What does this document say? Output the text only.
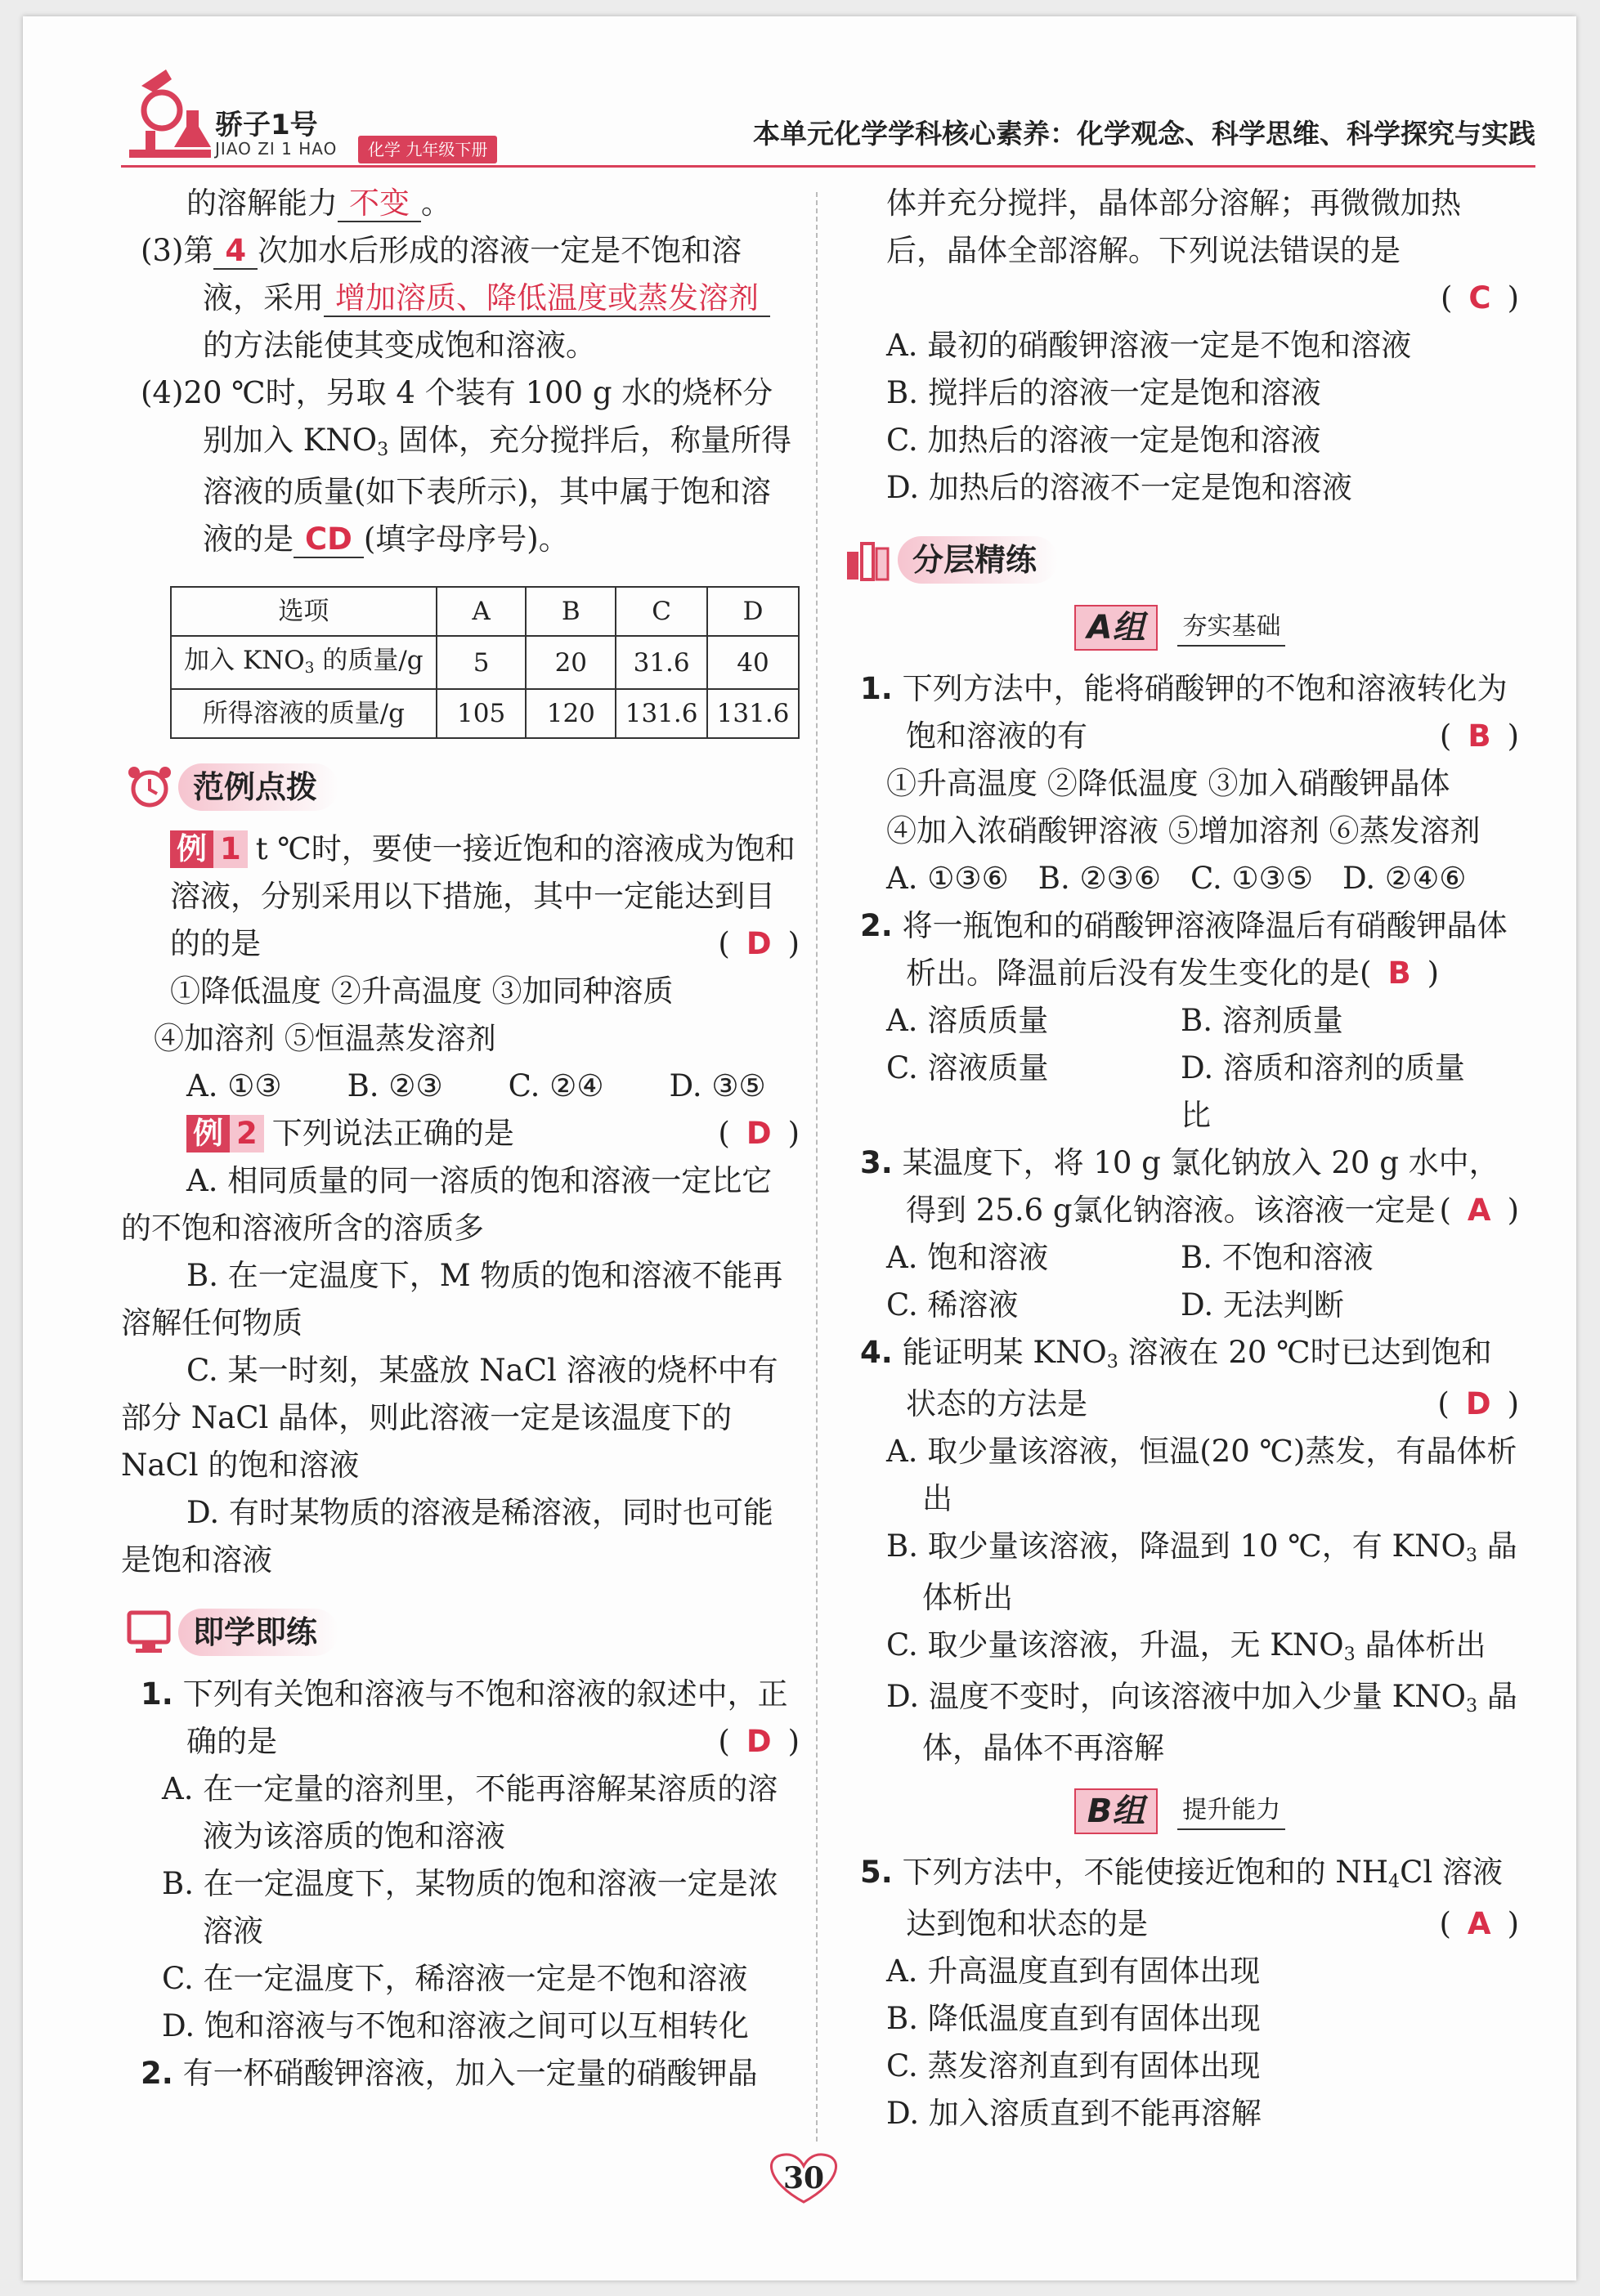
骄子1号
JIAO ZI 1 HAO	化学 九年级下册	本单元化学学科核心素养：化学观念、科学思维、科学探究与实践

的溶解能力 不变 。

(3)第 4 次加水后形成的溶液一定是不饱和溶液，采用 增加溶质、降低温度或蒸发溶剂的方法能使其变成饱和溶液。

(4)20 ℃时，另取 4 个装有 100 g 水的烧杯分别加入 $KNO_3$ 固体，充分搅拌后，称量所得溶液的质量(如下表所示)，其中属于饱和溶液的是 CD (填字母序号)。

选项	A	B	C	D
加入 $KNO_3$ 的质量/g	5	20	31.6	40
所得溶液的质量/g	105	120	131.6	131.6
范例点拨

例 1 t ℃时，要使一接近饱和的溶液成为饱和溶液，分别采用以下措施，其中一定能达到目的的是	( D )

①降低温度 ②升高温度 ③加同种溶质

④加溶剂 ⑤恒温蒸发溶剂

A. ①③ B. ②③ C. ②④ D. ③⑤

例 2 下列说法正确的是	( D )

A. 相同质量的同一溶质的饱和溶液一定比它的不饱和溶液所含的溶质多

B. 在一定温度下，M 物质的饱和溶液不能再溶解任何物质

C. 某一时刻，某盛放 NaCl 溶液的烧杯中有部分 NaCl 晶体，则此溶液一定是该温度下的 NaCl 的饱和溶液

D. 有时某物质的溶液是稀溶液，同时也可能是饱和溶液

即学即练

1. 下列有关饱和溶液与不饱和溶液的叙述中，正确的是	( D )

A. 在一定量的溶剂里，不能再溶解某溶质的溶液为该溶质的饱和溶液

B. 在一定温度下，某物质的饱和溶液一定是浓溶液

C. 在一定温度下，稀溶液一定是不饱和溶液

D. 饱和溶液与不饱和溶液之间可以互相转化

2. 有一杯硝酸钾溶液，加入一定量的硝酸钾晶

体并充分搅拌，晶体部分溶解；再微微加热后，晶体全部溶解。下列说法错误的是

( C )

A. 最初的硝酸钾溶液一定是不饱和溶液

B. 搅拌后的溶液一定是饱和溶液

C. 加热后的溶液一定是饱和溶液

D. 加热后的溶液不一定是饱和溶液

分层精练
A组	夯实基础

1. 下列方法中，能将硝酸钾的不饱和溶液转化为饱和溶液的有	( B )

①升高温度 ②降低温度 ③加入硝酸钾晶体

④加入浓硝酸钾溶液 ⑤增加溶剂 ⑥蒸发溶剂

A. ①③⑥ B. ②③⑥ C. ①③⑤ D. ②④⑥

2. 将一瓶饱和的硝酸钾溶液降温后有硝酸钾晶体析出。降温前后没有发生变化的是( B )

A. 溶质质量	B. 溶剂质量
C. 溶液质量	D. 溶质和溶剂的质量比

3. 某温度下，将 10 g 氯化钠放入 20 g 水中，得到 25.6 g氯化钠溶液。该溶液一定是 ( A )

A. 饱和溶液	B. 不饱和溶液
C. 稀溶液	D. 无法判断

4. 能证明某 $KNO_3$ 溶液在 20 ℃时已达到饱和状态的方法是	( D )

A. 取少量该溶液，恒温(20 ℃)蒸发，有晶体析出

B. 取少量该溶液，降温到 10 ℃，有 $KNO_3$ 晶体析出

C. 取少量该溶液，升温，无 $KNO_3$ 晶体析出

D. 温度不变时，向该溶液中加入少量 $KNO_3$ 晶体，晶体不再溶解

B组	提升能力

5. 下列方法中，不能使接近饱和的 $NH_4Cl$ 溶液达到饱和状态的是	( A )

A. 升高温度直到有固体出现

B. 降低温度直到有固体出现

C. 蒸发溶剂直到有固体出现

D. 加入溶质直到不能再溶解

30
